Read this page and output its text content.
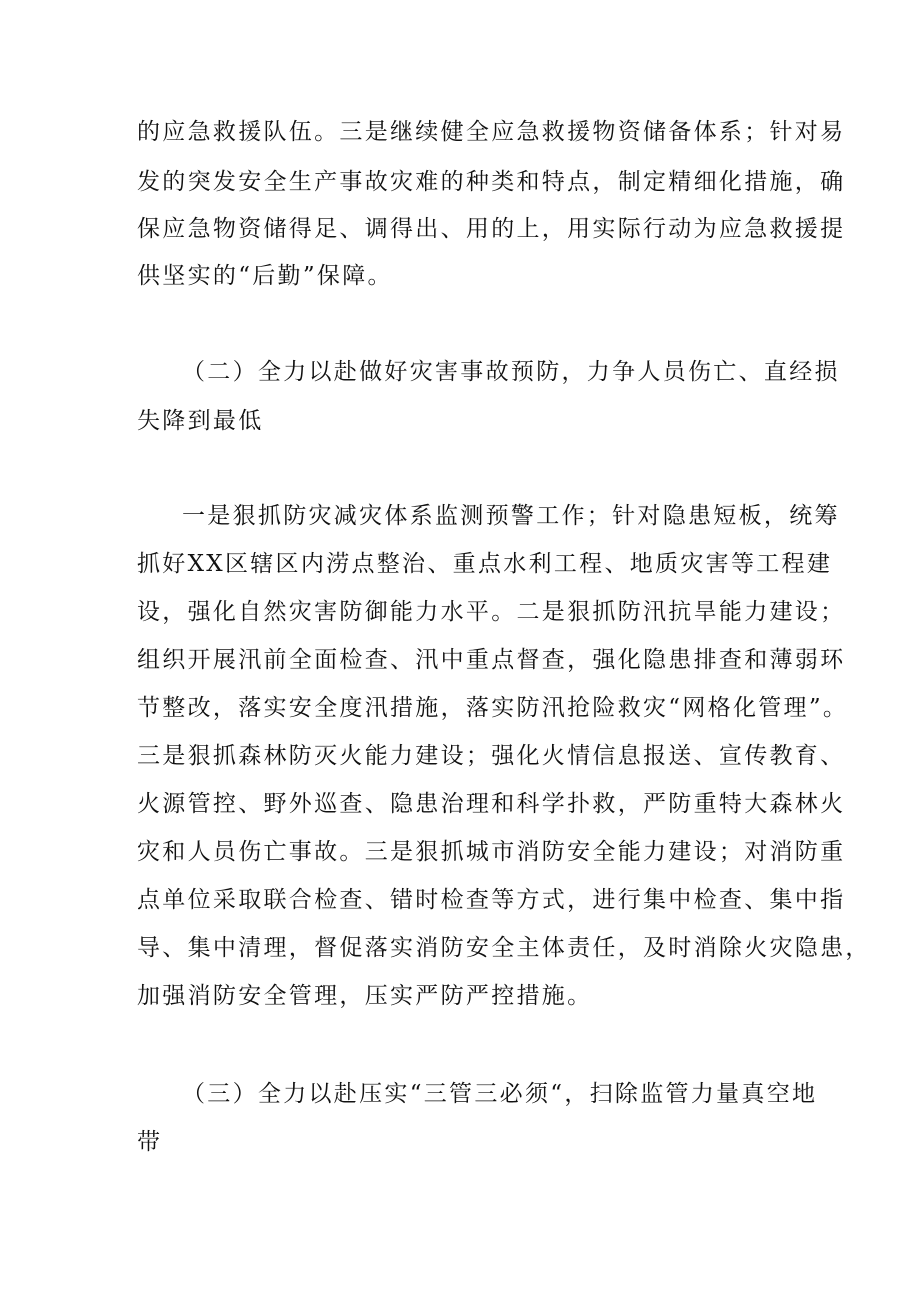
的应急救援队伍。三是继续健全应急救援物资储备体系；针对易
发的突发安全生产事故灾难的种类和特点，制定精细化措施，确
保应急物资储得足、调得出、用的上，用实际行动为应急救援提
供坚实的“后勤”保障。
（二）全力以赴做好灾害事故预防，力争人员伤亡、直经损
失降到最低
一是狠抓防灾减灾体系监测预警工作；针对隐患短板，统筹
抓好XX区辖区内涝点整治、重点水利工程、地质灾害等工程建
设，强化自然灾害防御能力水平。二是狠抓防汛抗旱能力建设；
组织开展汛前全面检查、汛中重点督查，强化隐患排查和薄弱环
节整改，落实安全度汛措施，落实防汛抢险救灾“网格化管理”。
三是狠抓森林防灭火能力建设；强化火情信息报送、宣传教育、
火源管控、野外巡查、隐患治理和科学扑救，严防重特大森林火
灾和人员伤亡事故。三是狠抓城市消防安全能力建设；对消防重
点单位采取联合检查、错时检查等方式，进行集中检查、集中指
导、集中清理，督促落实消防安全主体责任，及时消除火灾隐患，
加强消防安全管理，压实严防严控措施。
（三）全力以赴压实“三管三必须“，扫除监管力量真空地
带
